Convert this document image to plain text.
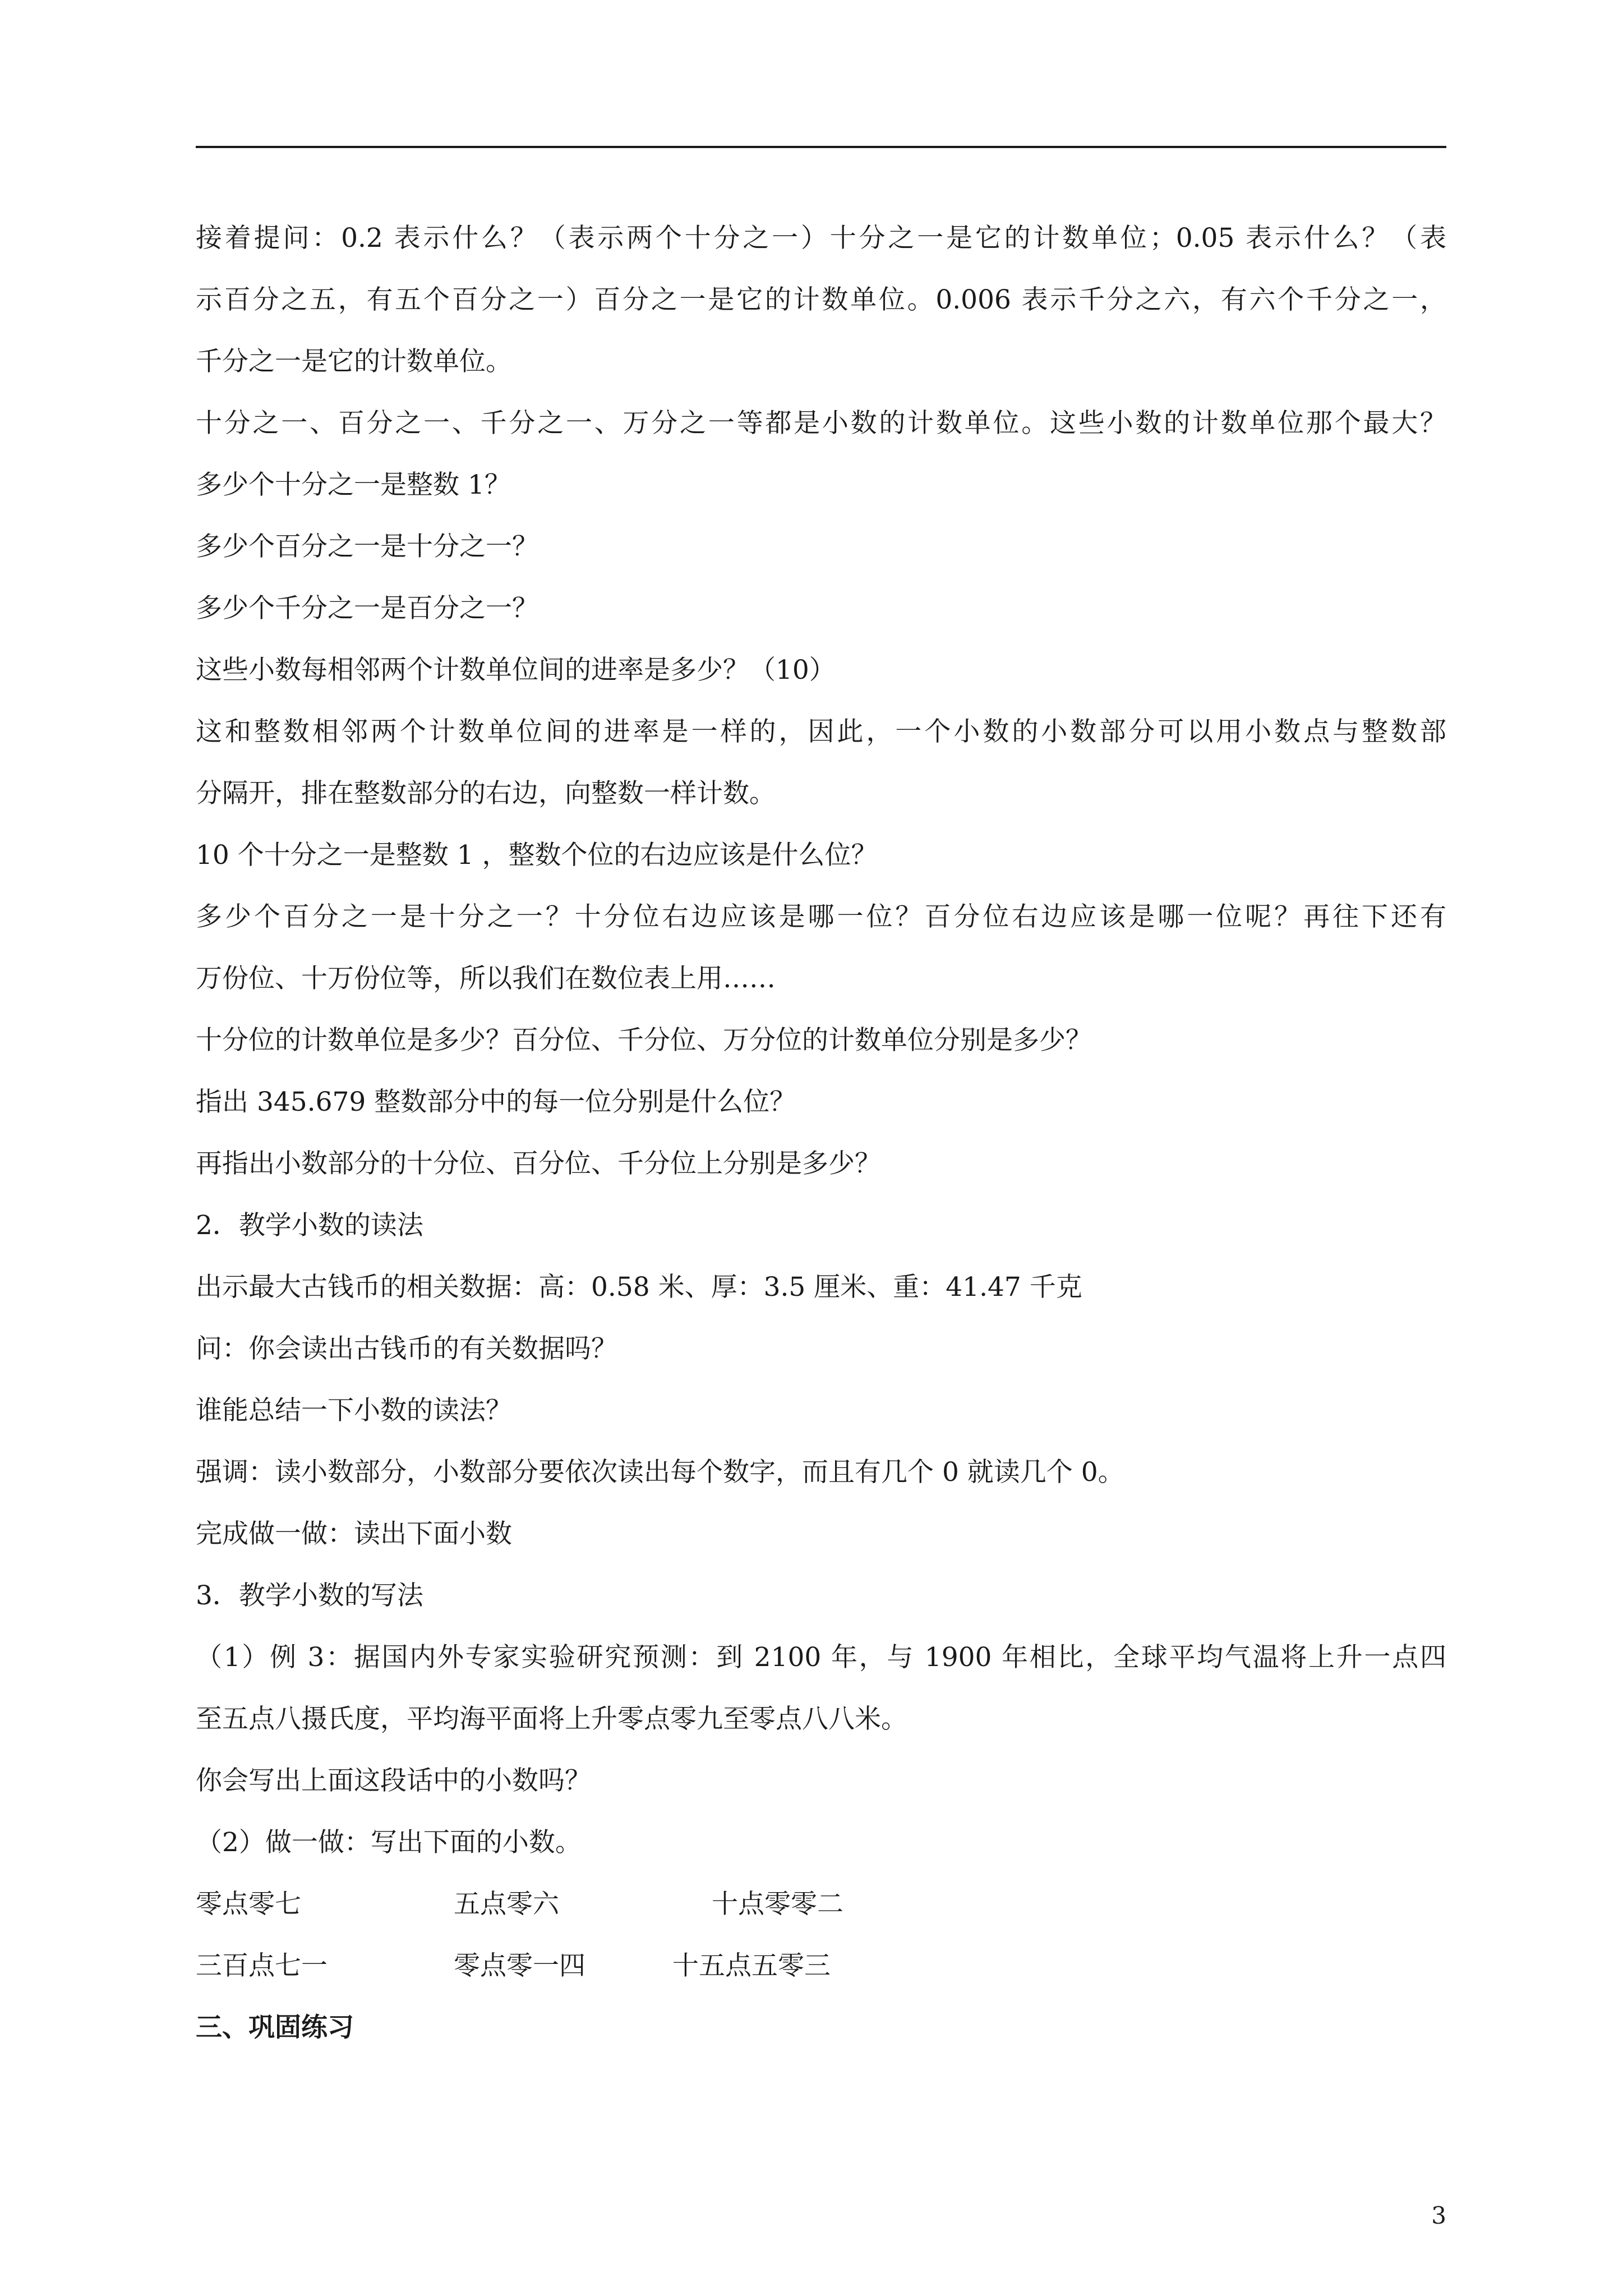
接着提问：0.2 表示什么？（表示两个十分之一）十分之一是它的计数单位；0.05 表示什么？（表
示百分之五，有五个百分之一）百分之一是它的计数单位。0.006 表示千分之六，有六个千分之一，
千分之一是它的计数单位。
十分之一、百分之一、千分之一、万分之一等都是小数的计数单位。这些小数的计数单位那个最大？
多少个十分之一是整数 1？
多少个百分之一是十分之一？
多少个千分之一是百分之一？
这些小数每相邻两个计数单位间的进率是多少？（10）
这和整数相邻两个计数单位间的进率是一样的，因此，一个小数的小数部分可以用小数点与整数部
分隔开，排在整数部分的右边，向整数一样计数。
10 个十分之一是整数 1 ，整数个位的右边应该是什么位？
多少个百分之一是十分之一？十分位右边应该是哪一位？百分位右边应该是哪一位呢？再往下还有
万份位、十万份位等，所以我们在数位表上用……
十分位的计数单位是多少？百分位、千分位、万分位的计数单位分别是多少？
指出 345.679 整数部分中的每一位分别是什么位？
再指出小数部分的十分位、百分位、千分位上分别是多少？
2．教学小数的读法
出示最大古钱币的相关数据：高：0.58 米、厚：3.5 厘米、重：41.47 千克
问：你会读出古钱币的有关数据吗？
谁能总结一下小数的读法？
强调：读小数部分，小数部分要依次读出每个数字，而且有几个 0 就读几个 0。
完成做一做：读出下面小数
3．教学小数的写法
（1）例 3：据国内外专家实验研究预测：到 2100 年，与 1900 年相比，全球平均气温将上升一点四
至五点八摄氏度，平均海平面将上升零点零九至零点八八米。
你会写出上面这段话中的小数吗？
（2）做一做：写出下面的小数。
零点零七	五点零六	十点零零二
三百点七一	零点零一四	十五点五零三
三、巩固练习
3
